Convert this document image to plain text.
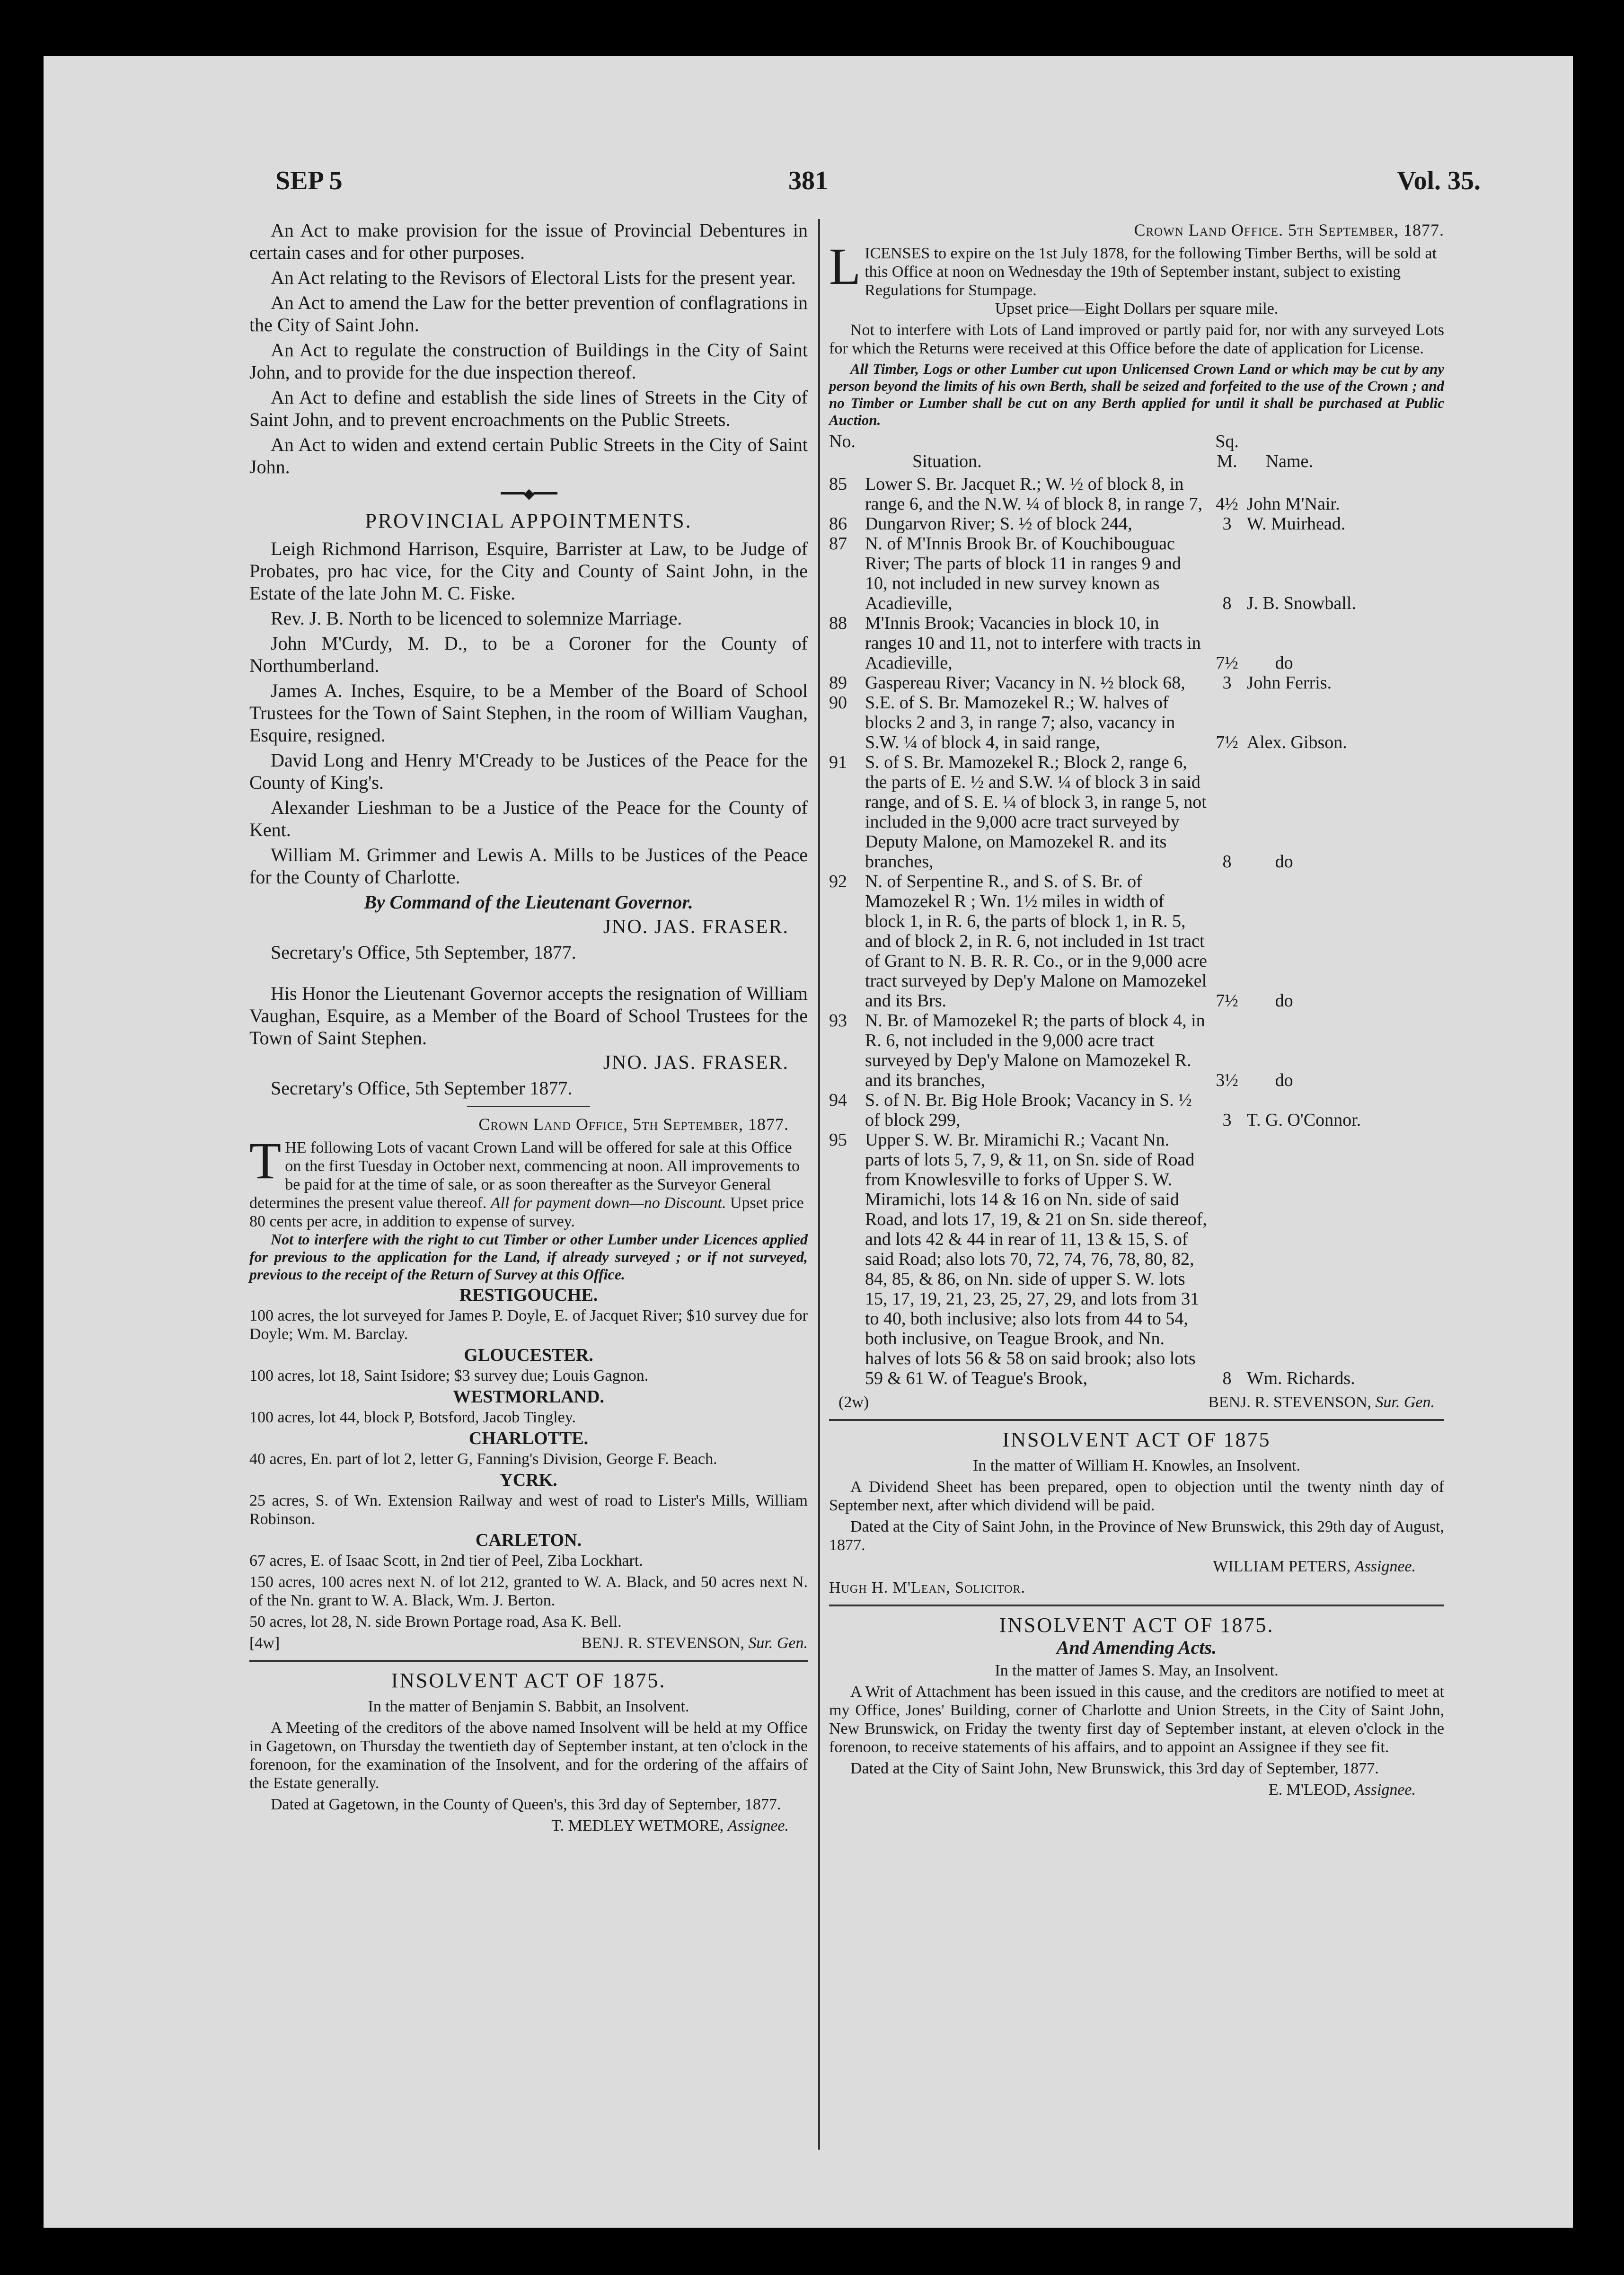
SEP 5	381	Vol. 35.

An Act to make provision for the issue of Provincial Debentures in certain cases and for other purposes.

An Act relating to the Revisors of Electoral Lists for the present year.

An Act to amend the Law for the better prevention of conflagrations in the City of Saint John.

An Act to regulate the construction of Buildings in the City of Saint John, and to provide for the due inspection thereof.

An Act to define and establish the side lines of Streets in the City of Saint John, and to prevent encroachments on the Public Streets.

An Act to widen and extend certain Public Streets in the City of Saint John.

━━━◆━━━
PROVINCIAL APPOINTMENTS.

Leigh Richmond Harrison, Esquire, Barrister at Law, to be Judge of Probates, pro hac vice, for the City and County of Saint John, in the Estate of the late John M. C. Fiske.

Rev. J. B. North to be licenced to solemnize Marriage.

John M'Curdy, M. D., to be a Coroner for the County of Northumberland.

James A. Inches, Esquire, to be a Member of the Board of School Trustees for the Town of Saint Stephen, in the room of William Vaughan, Esquire, resigned.

David Long and Henry M'Cready to be Justices of the Peace for the County of King's.

Alexander Lieshman to be a Justice of the Peace for the County of Kent.

William M. Grimmer and Lewis A. Mills to be Justices of the Peace for the County of Charlotte.

By Command of the Lieutenant Governor.

JNO. JAS. FRASER.

Secretary's Office, 5th September, 1877.

His Honor the Lieutenant Governor accepts the resignation of William Vaughan, Esquire, as a Member of the Board of School Trustees for the Town of Saint Stephen.

JNO. JAS. FRASER.

Secretary's Office, 5th September 1877.

Crown Land Office, 5th September, 1877.

T HE following Lots of vacant Crown Land will be offered for sale at this Office on the first Tuesday in October next, commencing at noon. All improvements to be paid for at the time of sale, or as soon thereafter as the Surveyor General determines the present value thereof. All for payment down—no Discount. Upset price 80 cents per acre, in addition to expense of survey.

Not to interfere with the right to cut Timber or other Lumber under Licences applied for previous to the application for the Land, if already surveyed ; or if not surveyed, previous to the receipt of the Return of Survey at this Office.

RESTIGOUCHE.

100 acres, the lot surveyed for James P. Doyle, E. of Jacquet River; $10 survey due for Doyle; Wm. M. Barclay.

GLOUCESTER.

100 acres, lot 18, Saint Isidore; $3 survey due; Louis Gagnon.

WESTMORLAND.

100 acres, lot 44, block P, Botsford, Jacob Tingley.

CHARLOTTE.

40 acres, En. part of lot 2, letter G, Fanning's Division, George F. Beach.

YCRK.

25 acres, S. of Wn. Extension Railway and west of road to Lister's Mills, William Robinson.

CARLETON.

67 acres, E. of Isaac Scott, in 2nd tier of Peel, Ziba Lockhart.

150 acres, 100 acres next N. of lot 212, granted to W. A. Black, and 50 acres next N. of the Nn. grant to W. A. Black, Wm. J. Berton.

50 acres, lot 28, N. side Brown Portage road, Asa K. Bell.

[4w]	BENJ. R. STEVENSON, Sur. Gen.
INSOLVENT ACT OF 1875.

In the matter of Benjamin S. Babbit, an Insolvent.

A Meeting of the creditors of the above named Insolvent will be held at my Office in Gagetown, on Thursday the twentieth day of September instant, at ten o'clock in the forenoon, for the examination of the Insolvent, and for the ordering of the affairs of the Estate generally.

Dated at Gagetown, in the County of Queen's, this 3rd day of September, 1877.

T. MEDLEY WETMORE, Assignee.

Crown Land Office. 5th September, 1877.

L ICENSES to expire on the 1st July 1878, for the following Timber Berths, will be sold at this Office at noon on Wednesday the 19th of September instant, subject to existing Regulations for Stumpage.

Upset price—Eight Dollars per square mile.

Not to interfere with Lots of Land improved or partly paid for, nor with any surveyed Lots for which the Returns were received at this Office before the date of application for License.

All Timber, Logs or other Lumber cut upon Unlicensed Crown Land or which may be cut by any person beyond the limits of his own Berth, shall be seized and forfeited to the use of the Crown ; and no Timber or Lumber shall be cut on any Berth applied for until it shall be purchased at Public Auction.

No.	Situation.	Sq. M.	Name.
85	Lower S. Br. Jacquet R.; W. ½ of block 8, in range 6, and the N.W. ¼ of block 8, in range 7,	4½	John M'Nair.
86	Dungarvon River; S. ½ of block 244,	3	W. Muirhead.
87	N. of M'Innis Brook Br. of Kouchibouguac River; The parts of block 11 in ranges 9 and 10, not included in new survey known as Acadieville,	8	J. B. Snowball.
88	M'Innis Brook; Vacancies in block 10, in ranges 10 and 11, not to interfere with tracts in Acadieville,	7½	do
89	Gaspereau River; Vacancy in N. ½ block 68,	3	John Ferris.
90	S.E. of S. Br. Mamozekel R.; W. halves of blocks 2 and 3, in range 7; also, vacancy in S.W. ¼ of block 4, in said range,	7½	Alex. Gibson.
91	S. of S. Br. Mamozekel R.; Block 2, range 6, the parts of E. ½ and S.W. ¼ of block 3 in said range, and of S. E. ¼ of block 3, in range 5, not included in the 9,000 acre tract surveyed by Deputy Malone, on Mamozekel R. and its branches,	8	do
92	N. of Serpentine R., and S. of S. Br. of Mamozekel R ; Wn. 1½ miles in width of block 1, in R. 6, the parts of block 1, in R. 5, and of block 2, in R. 6, not included in 1st tract of Grant to N. B. R. R. Co., or in the 9,000 acre tract surveyed by Dep'y Malone on Mamozekel and its Brs.	7½	do
93	N. Br. of Mamozekel R; the parts of block 4, in R. 6, not included in the 9,000 acre tract surveyed by Dep'y Malone on Mamozekel R. and its branches,	3½	do
94	S. of N. Br. Big Hole Brook; Vacancy in S. ½ of block 299,	3	T. G. O'Connor.
95	Upper S. W. Br. Miramichi R.; Vacant Nn. parts of lots 5, 7, 9, & 11, on Sn. side of Road from Knowlesville to forks of Upper S. W. Miramichi, lots 14 & 16 on Nn. side of said Road, and lots 17, 19, & 21 on Sn. side thereof, and lots 42 & 44 in rear of 11, 13 & 15, S. of said Road; also lots 70, 72, 74, 76, 78, 80, 82, 84, 85, & 86, on Nn. side of upper S. W. lots 15, 17, 19, 21, 23, 25, 27, 29, and lots from 31 to 40, both inclusive; also lots from 44 to 54, both inclusive, on Teague Brook, and Nn. halves of lots 56 & 58 on said brook; also lots 59 & 61 W. of Teague's Brook,	8	Wm. Richards.
(2w)	BENJ. R. STEVENSON, Sur. Gen.
INSOLVENT ACT OF 1875

In the matter of William H. Knowles, an Insolvent.

A Dividend Sheet has been prepared, open to objection until the twenty ninth day of September next, after which dividend will be paid.

Dated at the City of Saint John, in the Province of New Brunswick, this 29th day of August, 1877.

WILLIAM PETERS, Assignee.

Hugh H. M'Lean, Solicitor.

INSOLVENT ACT OF 1875.

And Amending Acts.

In the matter of James S. May, an Insolvent.

A Writ of Attachment has been issued in this cause, and the creditors are notified to meet at my Office, Jones' Building, corner of Charlotte and Union Streets, in the City of Saint John, New Brunswick, on Friday the twenty first day of September instant, at eleven o'clock in the forenoon, to receive statements of his affairs, and to appoint an Assignee if they see fit.

Dated at the City of Saint John, New Brunswick, this 3rd day of September, 1877.

E. M'LEOD, Assignee.
